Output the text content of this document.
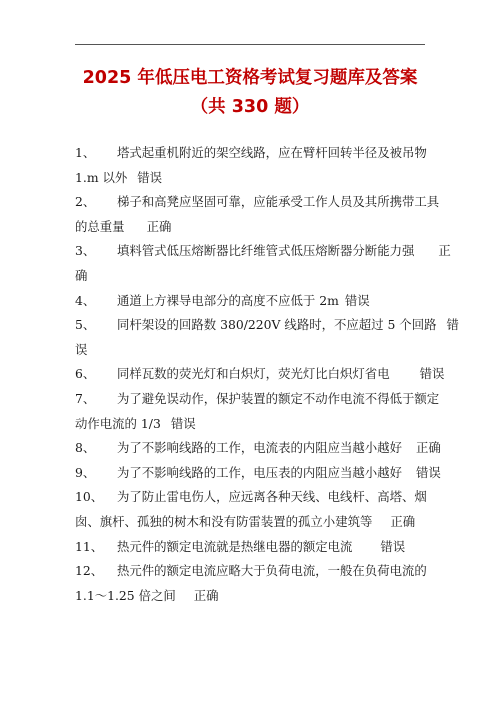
2025 年低压电工资格考试复习题库及答案
（共 330 题）
1、 塔式起重机附近的架空线路，应在臂杆回转半径及被吊物
1.m 以外 错误
2、 梯子和高凳应坚固可靠，应能承受工作人员及其所携带工具
的总重量 正确
3、 填料管式低压熔断器比纤维管式低压熔断器分断能力强 正
确
4、 通道上方裸导电部分的高度不应低于 2m 错误
5、 同杆架设的回路数 380/220V 线路时，不应超过 5 个回路 错
误
6、 同样瓦数的荧光灯和白炽灯，荧光灯比白炽灯省电 错误
7、 为了避免误动作，保护装置的额定不动作电流不得低于额定
动作电流的 1/3 错误
8、 为了不影响线路的工作，电流表的内阻应当越小越好 正确
9、 为了不影响线路的工作，电压表的内阻应当越小越好 错误
10、 为了防止雷电伤人，应远离各种天线、电线杆、高塔、烟
囱、旗杆、孤独的树木和没有防雷装置的孤立小建筑等 正确
11、 热元件的额定电流就是热继电器的额定电流 错误
12、 热元件的额定电流应略大于负荷电流，一般在负荷电流的
1.1～1.25 倍之间 正确
